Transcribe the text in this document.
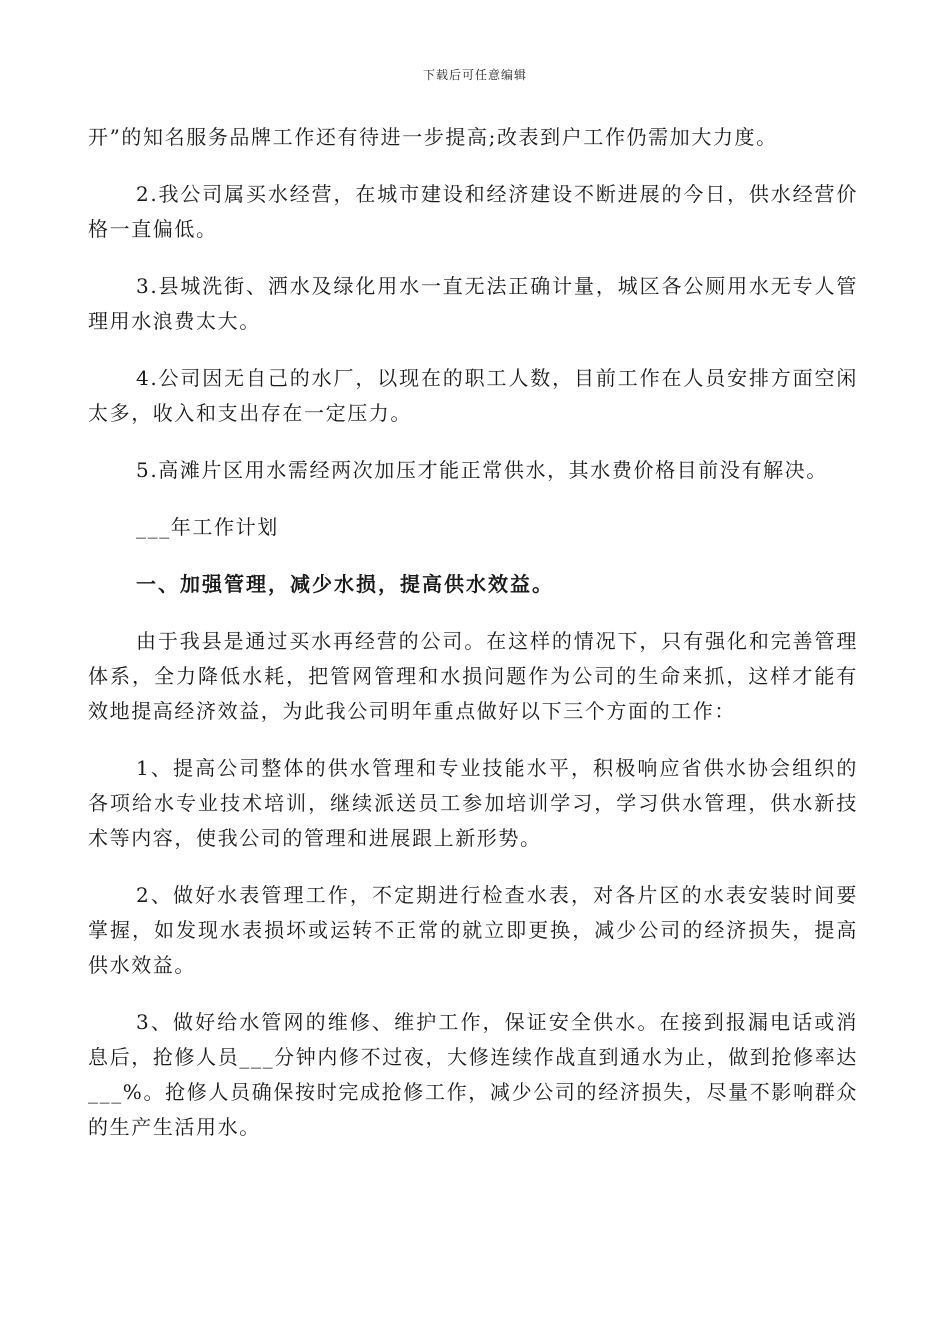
下载后可任意编辑

开”的知名服务品牌工作还有待进一步提高;改表到户工作仍需加大力度。

2.我公司属买水经营，在城市建设和经济建设不断进展的今日，供水经营价格一直偏低。

3.县城洗街、洒水及绿化用水一直无法正确计量，城区各公厕用水无专人管理用水浪费太大。

4.公司因无自己的水厂，以现在的职工人数，目前工作在人员安排方面空闲太多，收入和支出存在一定压力。

5.高滩片区用水需经两次加压才能正常供水，其水费价格目前没有解决。

___年工作计划

一、加强管理，减少水损，提高供水效益。

由于我县是通过买水再经营的公司。在这样的情况下，只有强化和完善管理体系，全力降低水耗，把管网管理和水损问题作为公司的生命来抓，这样才能有效地提高经济效益，为此我公司明年重点做好以下三个方面的工作：

1、提高公司整体的供水管理和专业技能水平，积极响应省供水协会组织的各项给水专业技术培训，继续派送员工参加培训学习，学习供水管理，供水新技术等内容，使我公司的管理和进展跟上新形势。

2、做好水表管理工作，不定期进行检查水表，对各片区的水表安装时间要掌握，如发现水表损坏或运转不正常的就立即更换，减少公司的经济损失，提高供水效益。

3、做好给水管网的维修、维护工作，保证安全供水。在接到报漏电话或消息后，抢修人员___分钟内修不过夜，大修连续作战直到通水为止，做到抢修率达___%。抢修人员确保按时完成抢修工作，减少公司的经济损失，尽量不影响群众的生产生活用水。
